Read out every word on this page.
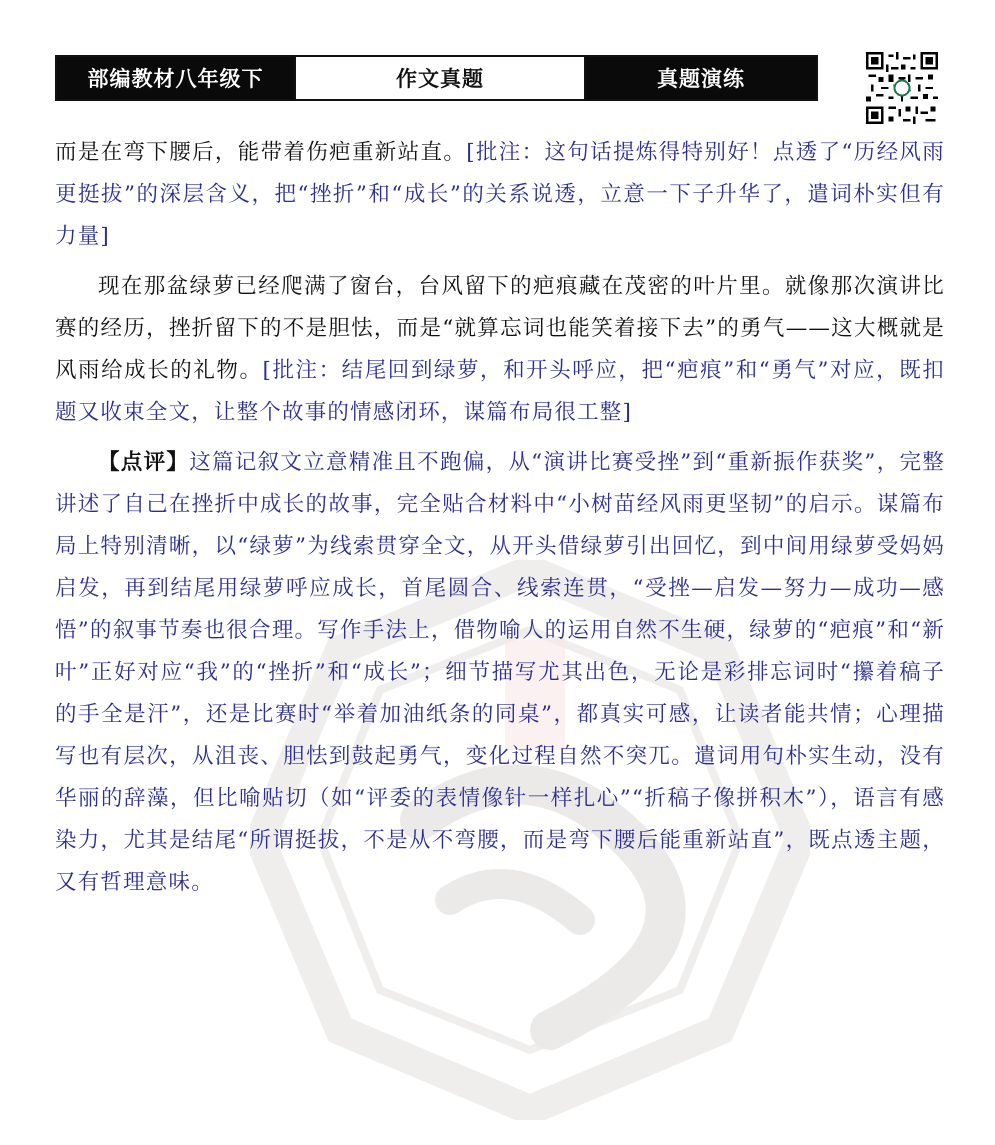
部编教材八年级下	作文真题	真题演练

而是在弯下腰后，能带着伤疤重新站直。[批注：这句话提炼得特别好！点透了“历经风雨更挺拔”的深层含义，把“挫折”和“成长”的关系说透，立意一下子升华了，遣词朴实但有力量]

现在那盆绿萝已经爬满了窗台，台风留下的疤痕藏在茂密的叶片里。就像那次演讲比赛的经历，挫折留下的不是胆怯，而是“就算忘词也能笑着接下去”的勇气——这大概就是风雨给成长的礼物。[批注：结尾回到绿萝，和开头呼应，把“疤痕”和“勇气”对应，既扣题又收束全文，让整个故事的情感闭环，谋篇布局很工整]

【点评】这篇记叙文立意精准且不跑偏，从“演讲比赛受挫”到“重新振作获奖”，完整讲述了自己在挫折中成长的故事，完全贴合材料中“小树苗经风雨更坚韧”的启示。谋篇布局上特别清晰，以“绿萝”为线索贯穿全文，从开头借绿萝引出回忆，到中间用绿萝受妈妈启发，再到结尾用绿萝呼应成长，首尾圆合、线索连贯，“受挫—启发—努力—成功—感悟”的叙事节奏也很合理。写作手法上，借物喻人的运用自然不生硬，绿萝的“疤痕”和“新叶”正好对应“我”的“挫折”和“成长”；细节描写尤其出色，无论是彩排忘词时“攥着稿子的手全是汗”，还是比赛时“举着加油纸条的同桌”，都真实可感，让读者能共情；心理描写也有层次，从沮丧、胆怯到鼓起勇气，变化过程自然不突兀。遣词用句朴实生动，没有华丽的辞藻，但比喻贴切（如“评委的表情像针一样扎心”“折稿子像拼积木”），语言有感染力，尤其是结尾“所谓挺拔，不是从不弯腰，而是弯下腰后能重新站直”，既点透主题，又有哲理意味。
